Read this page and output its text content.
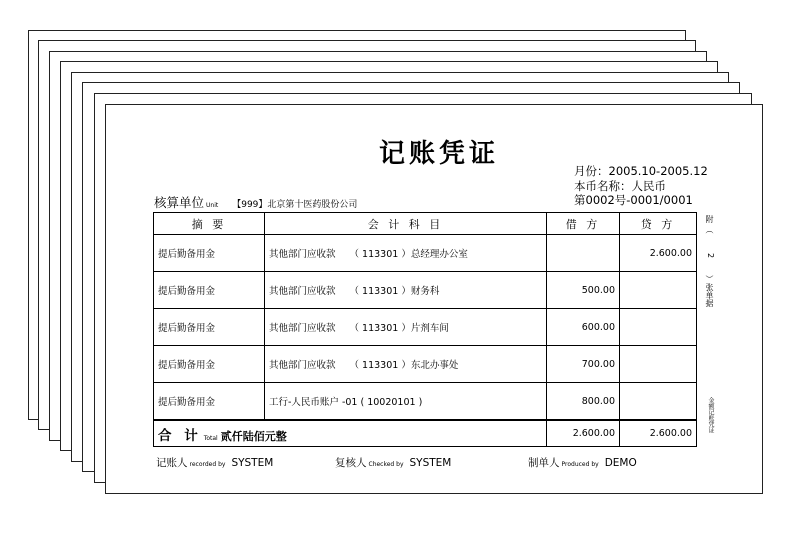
记账凭证
月份：2005.10-2005.12
本币名称：人民币
第0002号-0001/0001
核算单位 Unit 【999】北京第十医药股份公司
摘 要	会 计 科 目	借 方	贷 方
提后勤备用金	其他部门应收款 （ 113301 ）总经理办公室		2.600.00
提后勤备用金	其他部门应收款 （ 113301 ）财务科	500.00	
提后勤备用金	其他部门应收款 （ 113301 ）片剂车间	600.00	
提后勤备用金	其他部门应收款 （ 113301 ）东北办事处	700.00	
提后勤备用金	工行-人民币账户 -01 ( 10020101 )	800.00	
合 计 Total 贰仟陆佰元整		2.600.00	2.600.00
附 （
2
）张单据
金额记账凭证
记账人 recorded by SYSTEM	复核人 Checked by SYSTEM	制单人 Produced by DEMO
